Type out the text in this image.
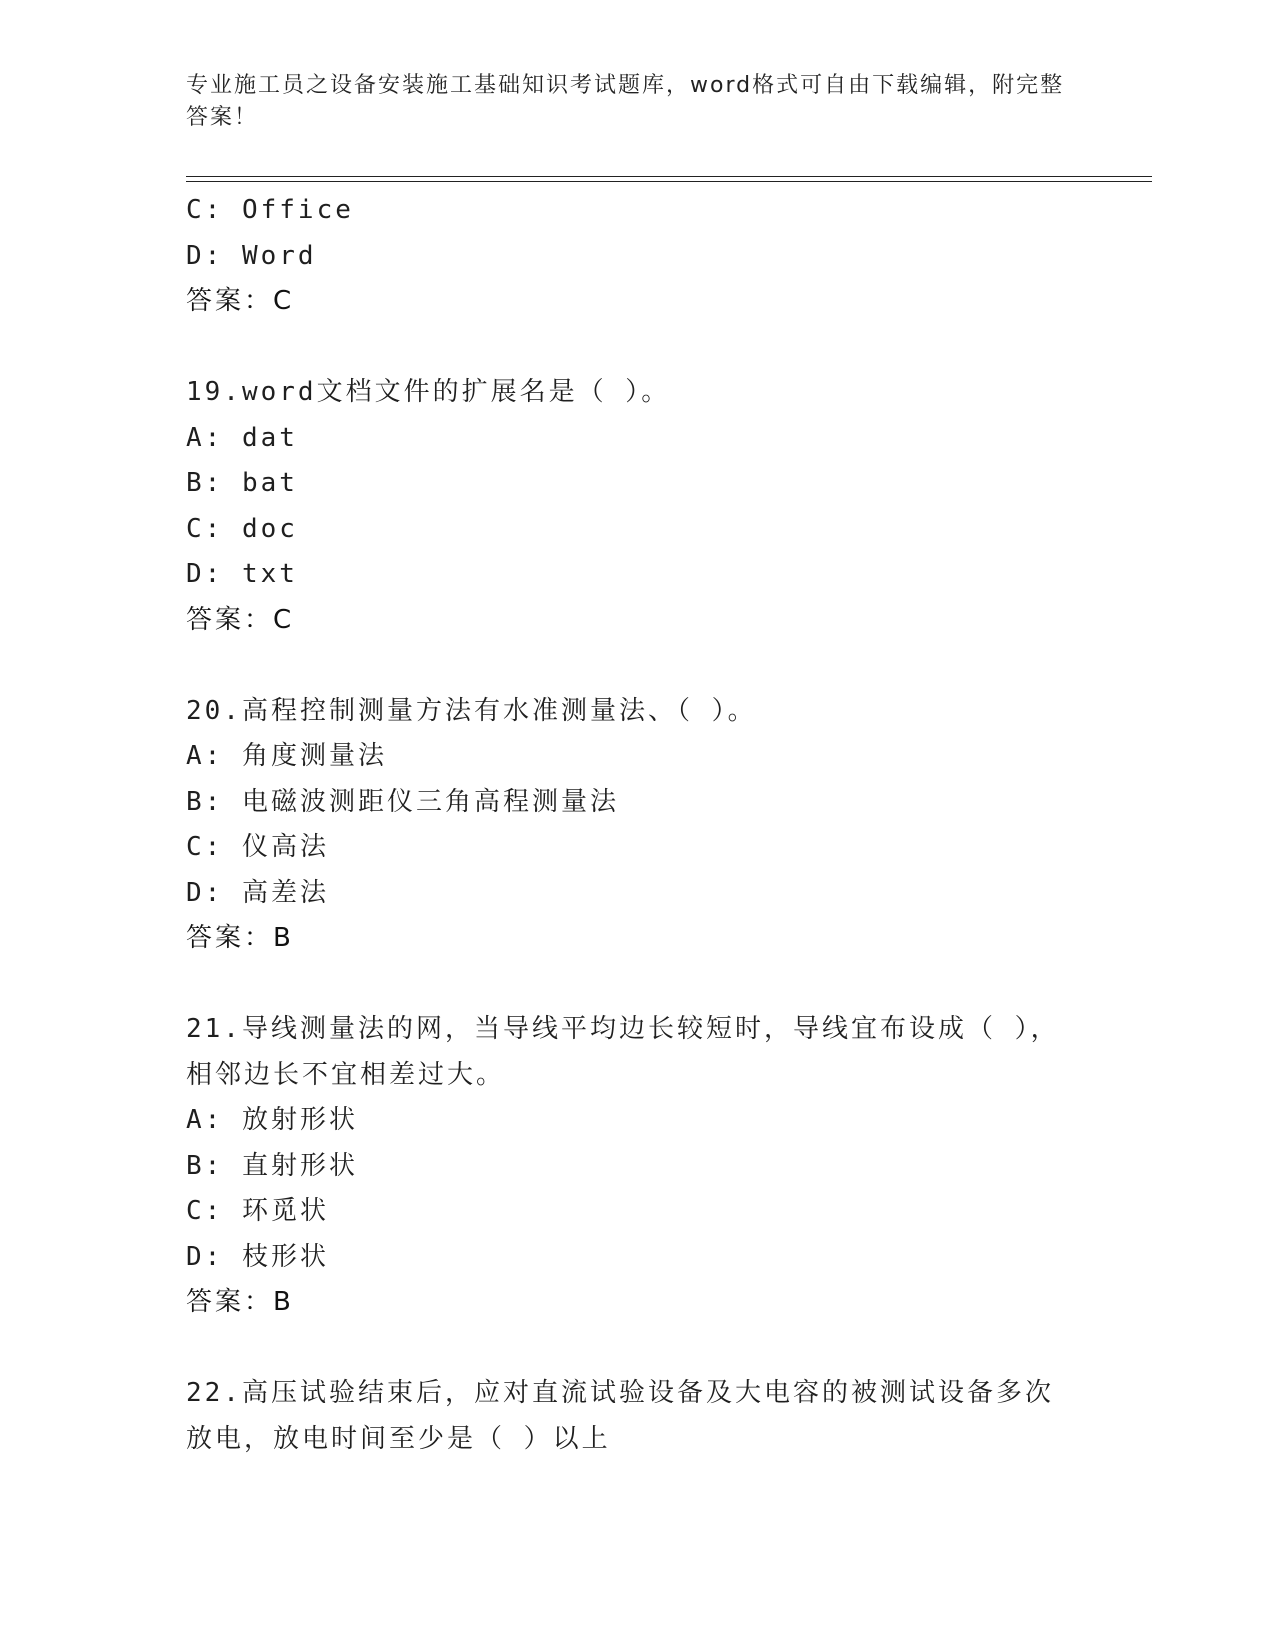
专业施工员之设备安装施工基础知识考试题库，word格式可自由下载编辑，附完整答案！
C: Office
D: Word
答案：C
19.word文档文件的扩展名是（ ）。
A: dat
B: bat
C: doc
D: txt
答案：C
20.高程控制测量方法有水准测量法、（ ）。
A: 角度测量法
B: 电磁波测距仪三角高程测量法
C: 仪高法
D: 高差法
答案：B
21.导线测量法的网，当导线平均边长较短时，导线宜布设成（ ），相邻边长不宜相差过大。
A: 放射形状
B: 直射形状
C: 环觅状
D: 枝形状
答案：B
22.高压试验结束后，应对直流试验设备及大电容的被测试设备多次放电，放电时间至少是（ ）以上
